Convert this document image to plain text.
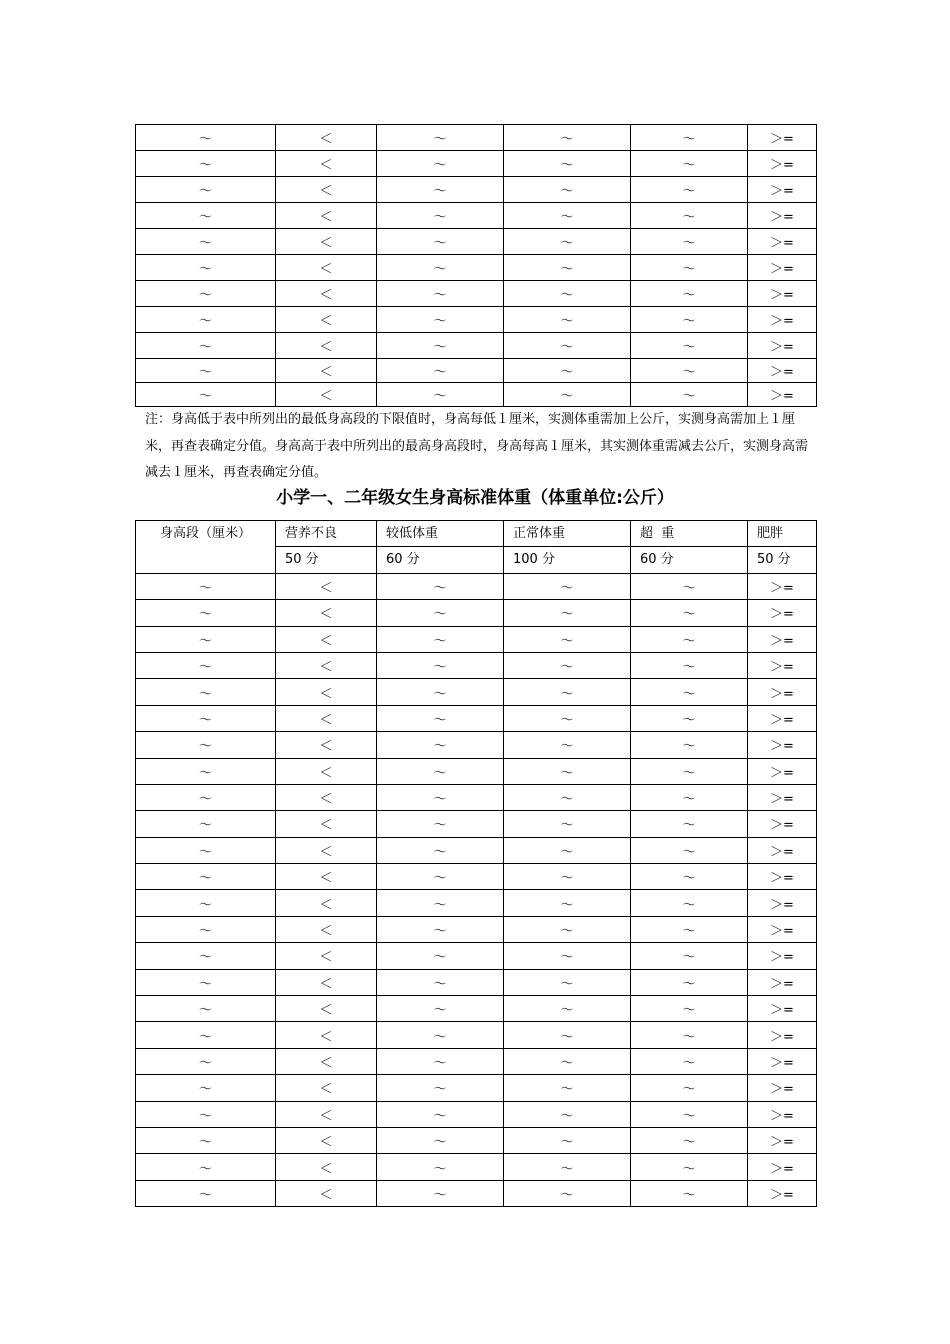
～	＜	～	～	～	＞=
～	＜	～	～	～	＞=
～	＜	～	～	～	＞=
～	＜	～	～	～	＞=
～	＜	～	～	～	＞=
～	＜	～	～	～	＞=
～	＜	～	～	～	＞=
～	＜	～	～	～	＞=
～	＜	～	～	～	＞=
～	＜	～	～	～	＞=
～	＜	～	～	～	＞=

注：身高低于表中所列出的最低身高段的下限值时，身高每低１厘米，实测体重需加上公斤，实测身高需加上１厘米，再查表确定分值。身高高于表中所列出的最高身高段时，身高每高１厘米，其实测体重需减去公斤，实测身高需减去１厘米，再查表确定分值。

小学一、二年级女生身高标准体重（体重单位:公斤）
身高段（厘米）	营养不良	较低体重	正常体重	超  重	肥胖
	50 分	60 分	100 分	60 分	50 分
～	＜	～	～	～	＞=
～	＜	～	～	～	＞=
～	＜	～	～	～	＞=
～	＜	～	～	～	＞=
～	＜	～	～	～	＞=
～	＜	～	～	～	＞=
～	＜	～	～	～	＞=
～	＜	～	～	～	＞=
～	＜	～	～	～	＞=
～	＜	～	～	～	＞=
～	＜	～	～	～	＞=
～	＜	～	～	～	＞=
～	＜	～	～	～	＞=
～	＜	～	～	～	＞=
～	＜	～	～	～	＞=
～	＜	～	～	～	＞=
～	＜	～	～	～	＞=
～	＜	～	～	～	＞=
～	＜	～	～	～	＞=
～	＜	～	～	～	＞=
～	＜	～	～	～	＞=
～	＜	～	～	～	＞=
～	＜	～	～	～	＞=
～	＜	～	～	～	＞=
